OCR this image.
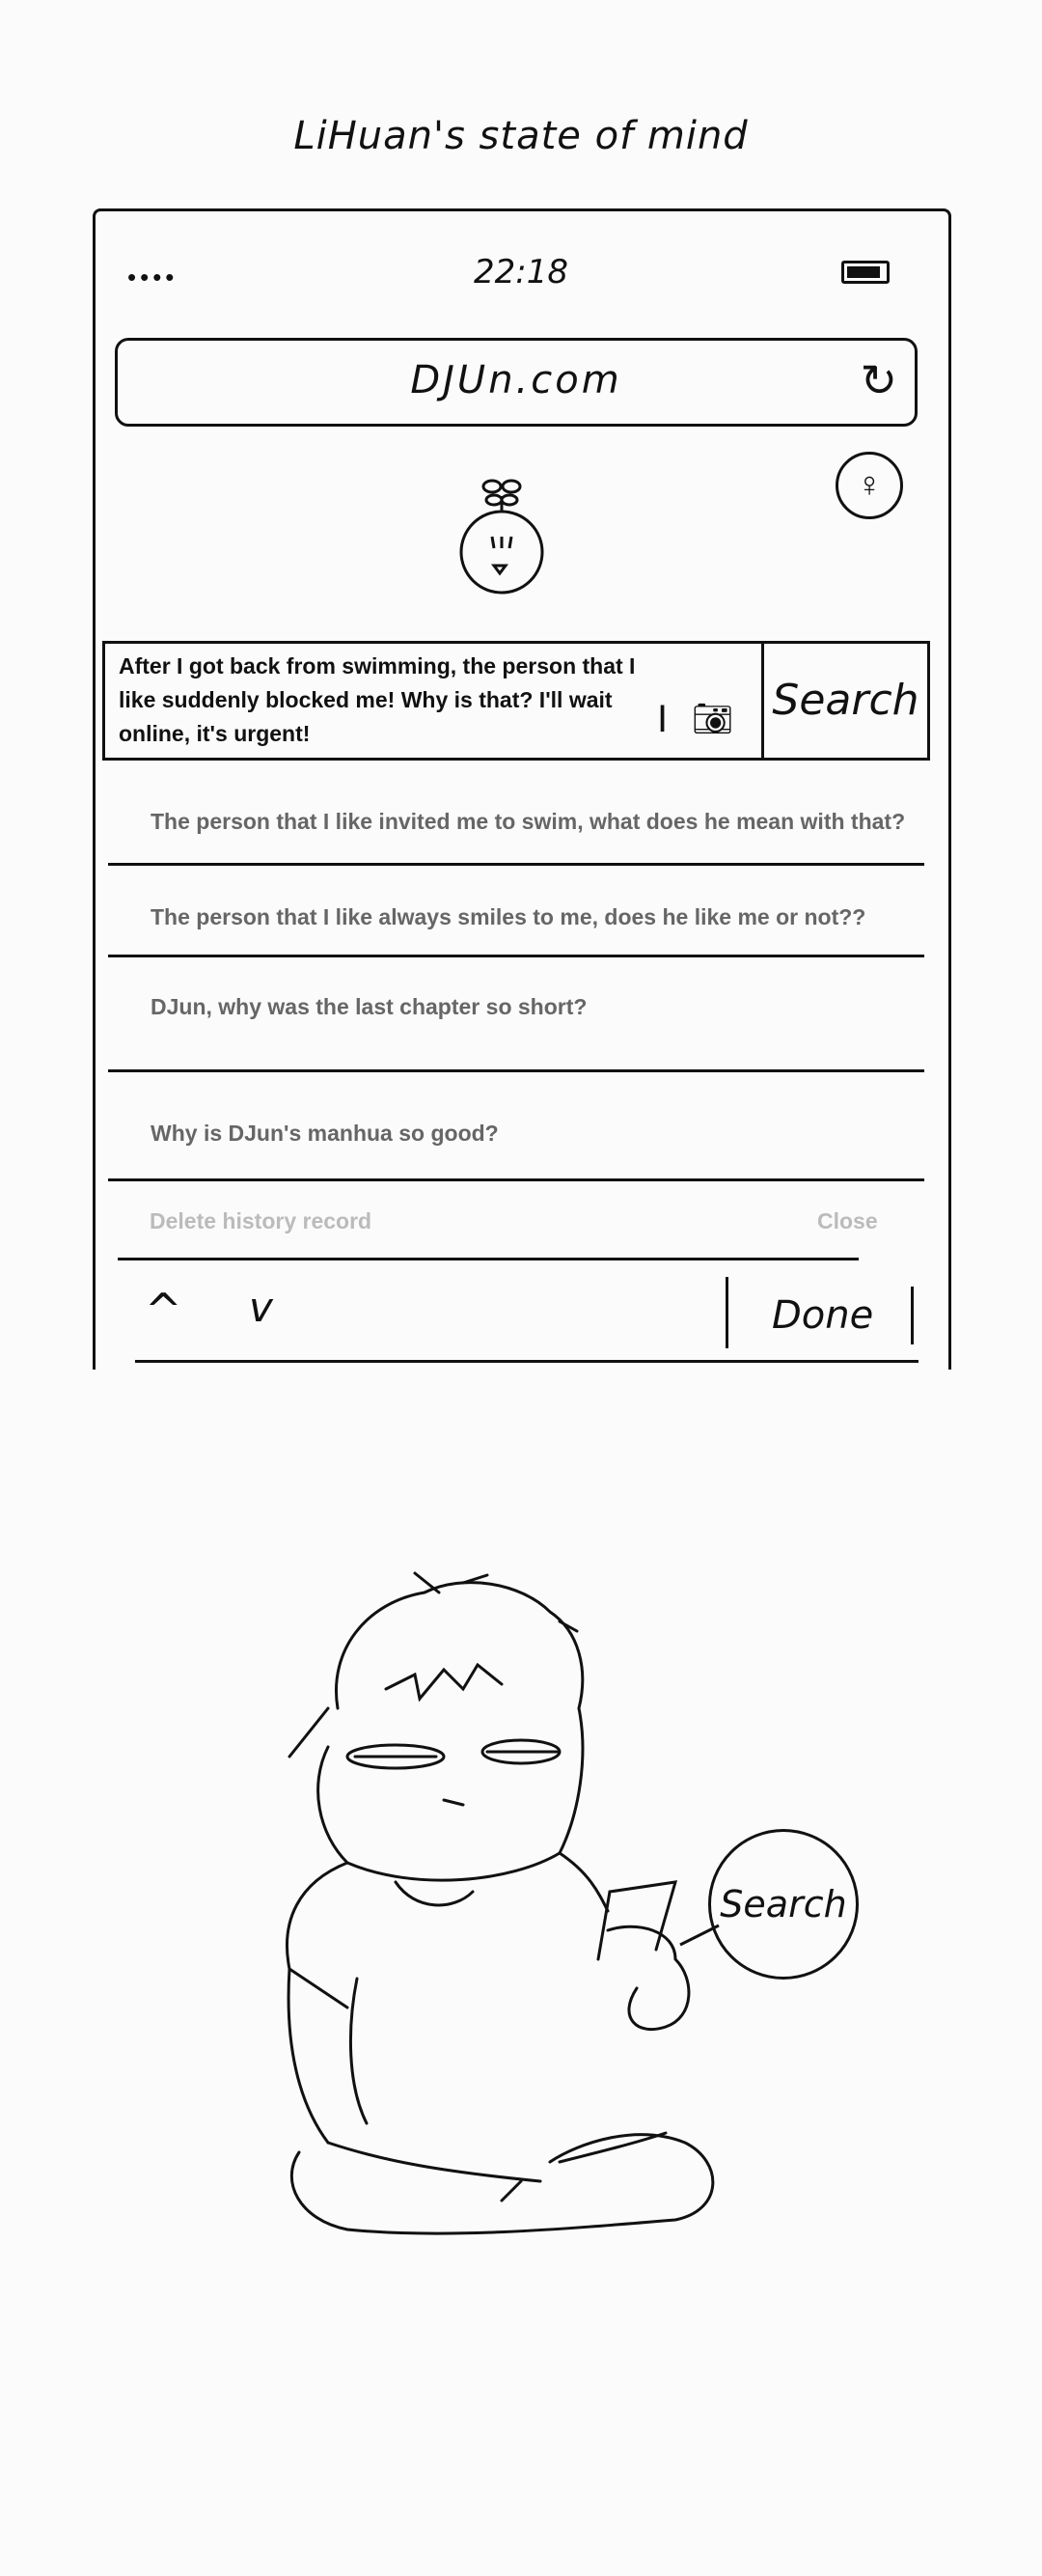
LiHuan's state of mind
••••	22:18
DJUn.com	↻
♀
After I got back from swimming, the person that I like suddenly blocked me! Why is that? I'll wait online, it's urgent!	I 📷︎ Search
The person that I like invited me to swim, what does he mean with that?
The person that I like always smiles to me, does he like me or not??
DJun, why was the last chapter so short?
Why is DJun's manhua so good?
Delete history record	Close
^ v	Done
Search
